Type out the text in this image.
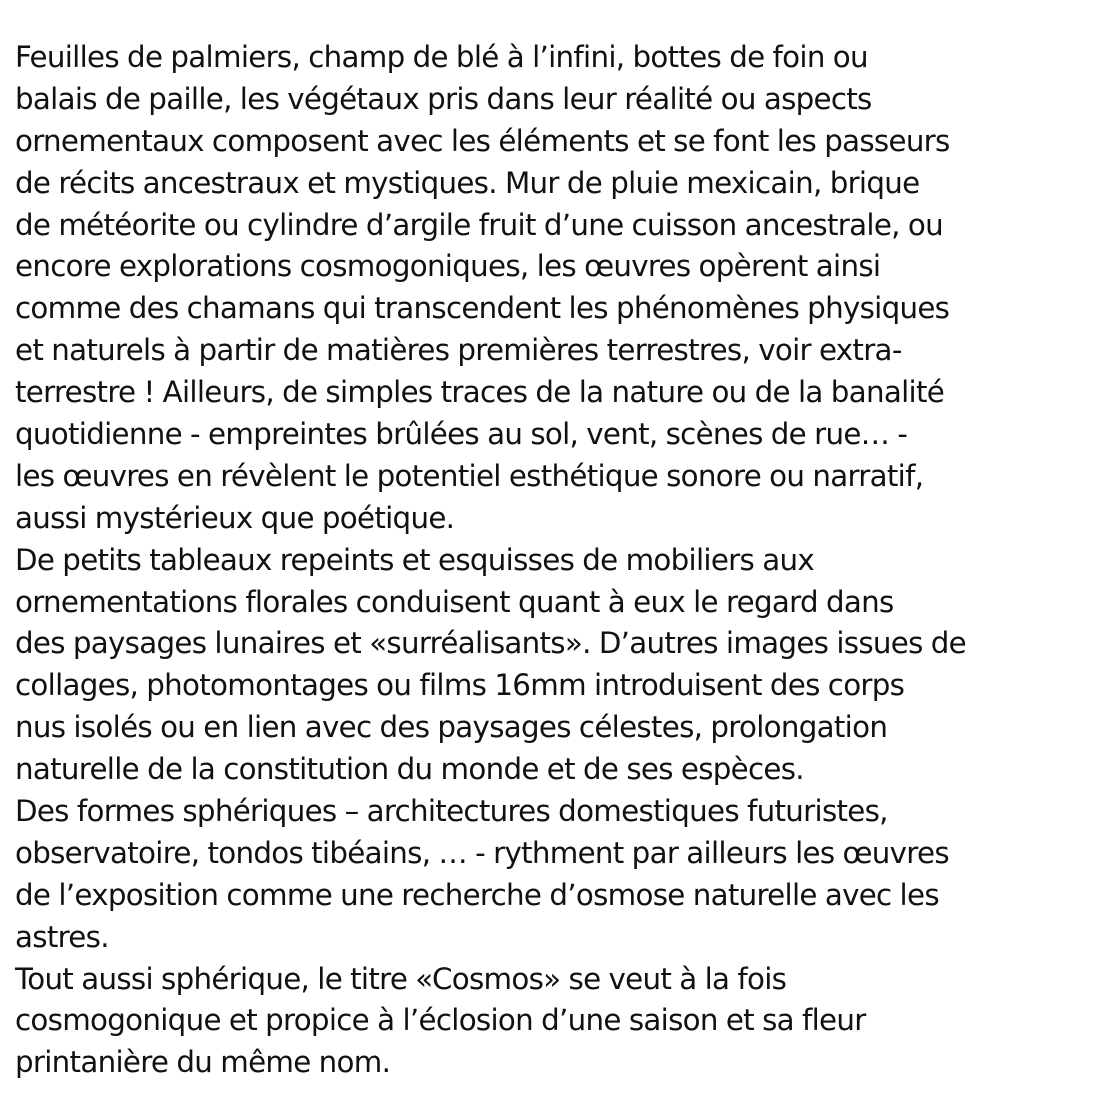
Feuilles de palmiers, champ de blé à l’infini, bottes de foin ou
balais de paille, les végétaux pris dans leur réalité ou aspects
ornementaux composent avec les éléments et se font les passeurs
de récits ancestraux et mystiques. Mur de pluie mexicain, brique
de météorite ou cylindre d’argile fruit d’une cuisson ancestrale, ou
encore explorations cosmogoniques, les œuvres opèrent ainsi
comme des chamans qui transcendent les phénomènes physiques
et naturels à partir de matières premières terrestres, voir extra-
terrestre ! Ailleurs, de simples traces de la nature ou de la banalité
quotidienne - empreintes brûlées au sol, vent, scènes de rue… -
les œuvres en révèlent le potentiel esthétique sonore ou narratif,
aussi mystérieux que poétique.
De petits tableaux repeints et esquisses de mobiliers aux
ornementations florales conduisent quant à eux le regard dans
des paysages lunaires et «surréalisants». D’autres images issues de
collages, photomontages ou films 16mm introduisent des corps
nus isolés ou en lien avec des paysages célestes, prolongation
naturelle de la constitution du monde et de ses espèces.
Des formes sphériques – architectures domestiques futuristes,
observatoire, tondos tibéains, … - rythment par ailleurs les œuvres
de l’exposition comme une recherche d’osmose naturelle avec les
astres.
Tout aussi sphérique, le titre «Cosmos» se veut à la fois
cosmogonique et propice à l’éclosion d’une saison et sa fleur
printanière du même nom.
